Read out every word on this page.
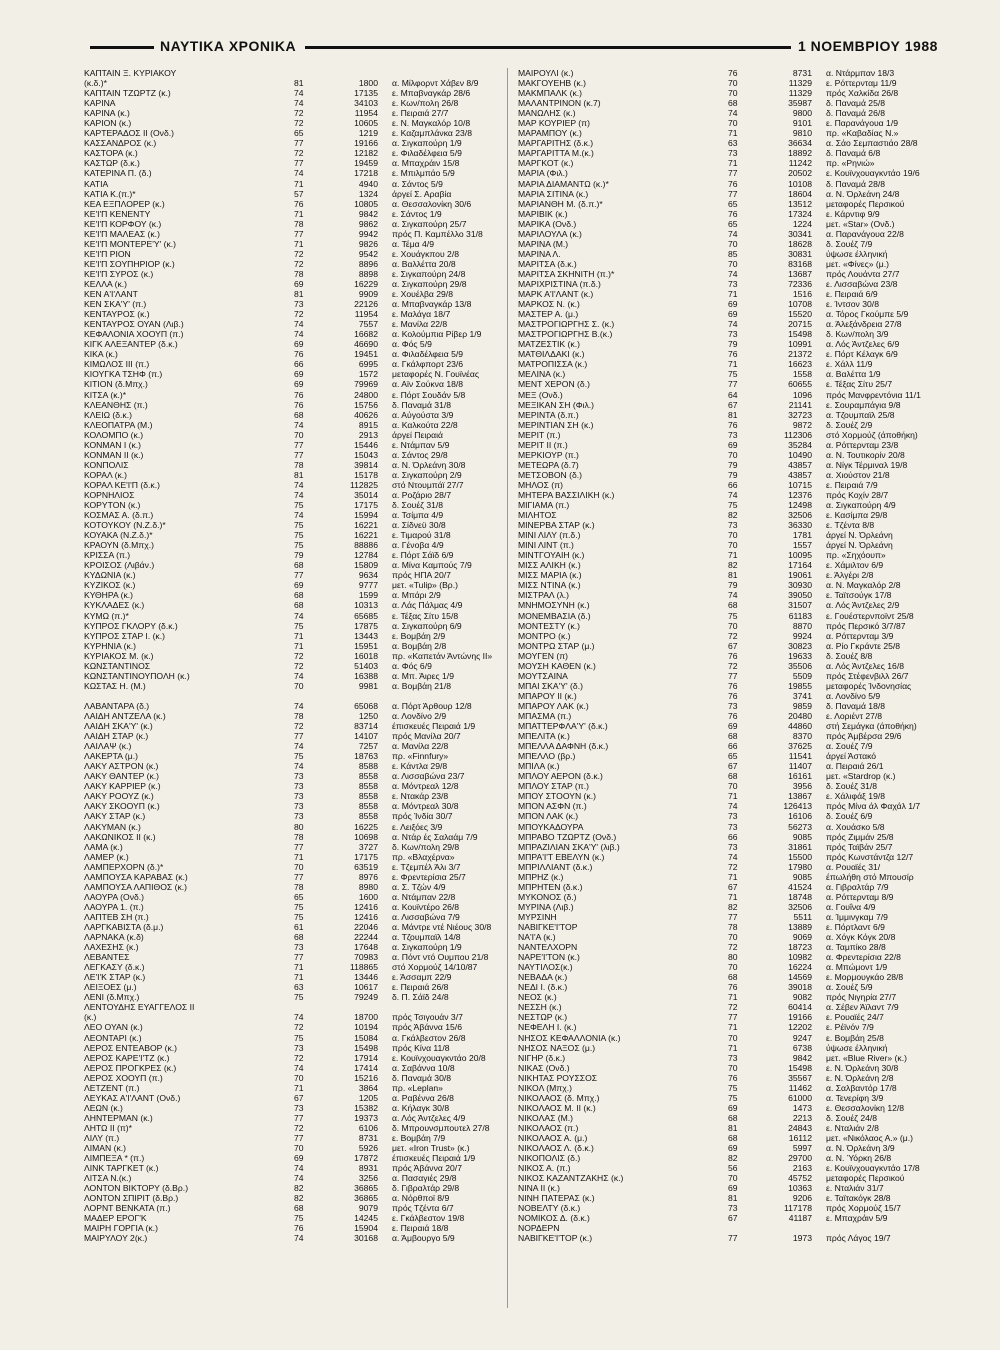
ΝΑΥΤΙΚΑ ΧΡΟΝΙΚΑ	1 ΝΟΕΜΒΡΙΟΥ 1988
ΚΑΠΤΑΙΝ Ξ. ΚΥΡΙΑΚΟΥ
(κ.δ.)*	81	1800	α. Μίλφορντ Χάβεν 8/9
ΚΑΠΤΑΙΝ ΤΖΩΡΤΖ (κ.)	74	17135	ε. Μπαβναγκάρ 28/6
ΚΑΡΙΝΑ	74	34103	ε. Κων/πολη 26/8
ΚΑΡΙΝΑ (κ.)	72	11954	ε. Πειραιά 27/7
ΚΑΡΙΟΝ (κ.)	72	10605	ε. Ν. Μαγκαλόρ 10/8
ΚΑΡΤΕΡΑΔΟΣ ΙΙ (Ονδ.)	65	1219	ε. Καζαμπλάνκα 23/8
ΚΑΣΣΑΝΔΡΟΣ (κ.)	77	19166	α. Σιγκαπούρη 1/9
ΚΑΣΤΟΡΑ (κ.)	72	12182	ε. Φιλαδέλφεια 5/9
ΚΑΣΤΩΡ (δ.κ.)	77	19459	α. Μπαχράιν 15/8
ΚΑΤΕΡΙΝΑ Π. (δ.)	74	17218	ε. Μπιλμπάο 5/9
ΚΑΤΙΑ	71	4940	α. Σάντος 5/9
ΚΑΤΙΑ Κ.(π.)*	57	1324	άργεί Σ. Αραβία
ΚΕΑ ΕΞΠΛΟΡΕΡ (κ.)	76	10805	α. Θεσσαλονίκη 30/6
ΚΕ'Ι'Π ΚΕΝΕΝΤΥ	71	9842	ε. Σάντος 1/9
ΚΕ'Ι'Π ΚΟΡΦΟΥ (κ.)	78	9862	α. Σιγκαπούρη 25/7
ΚΕ'Ι'Π ΜΑΛΕΑΣ (κ.)	77	9942	πρός Π. Καμπέλλο 31/8
ΚΕ'Ι'Π ΜΟΝΤΕΡΕ'Υ' (κ.)	71	9826	α. Τέμα 4/9
ΚΕ'Ι'Π ΡΙΟΝ	72	9542	ε. Χουάγκπου 2/8
ΚΕ'Ι'Π ΣΟΥΠΗΡΙΟΡ (κ.)	72	8896	α. Βαλλέττα 20/8
ΚΕ'Ι'Π ΣΥΡΟΣ (κ.)	78	8898	ε. Σιγκαπούρη 24/8
ΚΕΛΛΑ (κ.)	69	16229	α. Σιγκαπούρη 29/8
ΚΕΝ Α'Ι'ΛΑΝΤ	81	9909	ε. Χουέλβα 29/8
ΚΕΝ ΣΚΑ'Υ' (π.)	73	22126	α. Μπαβναγκάρ 13/8
ΚΕΝΤΑΥΡΟΣ (κ.)	72	11954	ε. Μαλάγα 18/7
ΚΕΝΤΑΥΡΟΣ ΟΥΑΝ (Λιβ.)	74	7557	ε. Μανίλα 22/8
ΚΕΦΑΛΟΝΙΑ ΧΟΟΥΠ (π.)	74	16682	α. Κολούμπια Ρίβερ 1/9
ΚΙΓΚ ΑΛΕΞΑΝΤΕΡ (δ.κ.)	69	46690	α. Φός 5/9
ΚΙΚΑ (κ.)	76	19451	α. Φιλαδέλφεια 5/9
ΚΙΜΩΛΟΣ ΙΙΙ (π.)	66	6995	α. Γκάλφπορτ 23/6
ΚΙΟΥΓΚΑ ΤΣΗΦ (π.)	69	1572	μεταφορές Ν. Γουϊνέας
ΚΙΤΙΟΝ (δ.Μπχ.)	69	79969	α. Αϊν Σούκνα 18/8
ΚΙΤΣΑ (κ.)*	76	24800	ε. Πόρτ Σουδάν 5/8
ΚΛΕΑΝΘΗΣ (π.)	76	15756	δ. Παναμά 31/8
ΚΛΕΙΩ (δ.κ.)	68	40626	α. Αύγούστα 3/9
ΚΛΕΟΠΑΤΡΑ (Μ.)	74	8915	α. Καλκούτα 22/8
ΚΟΛΟΜΠΟ (κ.)	70	2913	άργεί Πειραιά
ΚΟΝΜΑΝ Ι (κ.)	77	15446	ε. Ντάμπαν 5/9
ΚΟΝΜΑΝ ΙΙ (κ.)	77	15043	α. Σάντος 29/8
ΚΟΝΠΟΛΙΣ	78	39814	α. Ν. Όρλεάνη 30/8
ΚΟΡΑΛ (κ.)	81	15178	α. Σιγκαπούρη 2/9
ΚΟΡΑΛ ΚΕ'Ι'Π (δ.κ.)	74	112825	στό Ντουμπάϊ 27/7
ΚΟΡΝΗΛΙΟΣ	74	35014	α. Ροζάριο 28/7
ΚΟΡΥΤΟΝ (κ.)	75	17175	δ. Σουέζ 31/8
ΚΟΣΜΑΣ Α. (δ.π.)	74	15994	α. Τσίμπα 4/9
ΚΟΤΟΥΚΟΥ (Ν.Ζ.δ.)*	75	16221	α. Σίδνεϋ 30/8
ΚΟΥΑΚΑ (Ν.Ζ.δ.)*	75	16221	ε. Τιμαρού 31/8
ΚΡΑΟΥΝ (δ.Μπχ.)	75	88886	α. Γένοβα 4/9
ΚΡΙΣΣΑ (π.)	79	12784	ε. Πόρτ Σάϊδ 6/9
ΚΡΟΙΣΟΣ (Λιβάν.)	68	15809	α. Μίνα Καμπούς 7/9
ΚΥΔΩΝΙΑ (κ.)	77	9634	πρός ΗΠΑ 20/7
ΚΥΖΙΚΟΣ (κ.)	69	9777	μετ. «Tulip» (Βρ.)
ΚΥΘΗΡΑ (κ.)	68	1599	α. Μπάρι 2/9
ΚΥΚΛΑΔΕΣ (κ.)	68	10313	α. Λάς Πάλμας 4/9
ΚΥΜΩ (π.)*	74	65685	ε. Τέξας Σίτυ 15/8
ΚΥΠΡΟΣ ΓΚΛΟΡΥ (δ.κ.)	75	17875	α. Σιγκαπούρη 6/9
ΚΥΠΡΟΣ ΣΤΑΡ Ι. (κ.)	71	13443	ε. Βομβάη 2/9
ΚΥΡΗΝΙΑ (κ.)	71	15951	α. Βομβάη 2/8
ΚΥΡΙΑΚΟΣ Μ. (κ.)	72	16018	πρ. «Καπετάν Άντώνης ΙΙ»
ΚΩΝΣΤΑΝΤΙΝΟΣ	72	51403	α. Φός 6/9
ΚΩΝΣΤΑΝΤΙΝΟΥΠΟΛΗ (κ.)	74	16388	α. Μπ. Άιρες 1/9
ΚΩΣΤΑΣ Η. (Μ.)	70	9981	α. Βομβάη 21/8
ΛΑΒΑΝΤΑΡΑ (δ.)	74	65068	α. Πόρτ Άρθουρ 12/8
ΛΑΙΔΗ ΑΝΤΖΕΛΑ (κ.)	78	1250	α. Λονδίνο 2/9
ΛΑΙΔΗ ΣΚΑ'Υ' (κ.)	72	83714	έπισκευές Πειραιά 1/9
ΛΑΙΔΗ ΣΤΑΡ (κ.)	77	14107	πρός Μανίλα 20/7
ΛΑΙΛΑΨ (κ.)	74	7257	α. Μανίλα 22/8
ΛΑΚΕΡΤΑ (μ.)	75	18763	πρ. «Finnfury»
ΛΑΚΥ ΑΣΤΡΟΝ (κ.)	74	8588	ε. Κάντλα 29/8
ΛΑΚΥ ΘΑΝΤΕΡ (κ.)	73	8558	α. Λισσαβώνα 23/7
ΛΑΚΥ ΚΑΡΡΙΕΡ (κ.)	73	8558	α. Μόντρεαλ 12/8
ΛΑΚΥ ΡΟΟΥΖ (κ.)	73	8558	ε. Ντακάρ 23/8
ΛΑΚΥ ΣΚΟΟΥΠ (κ.)	73	8558	α. Μόντρεαλ 30/8
ΛΑΚΥ ΣΤΑΡ (κ.)	73	8558	πρός Ίνδία 30/7
ΛΑΚΥΜΑΝ (κ.)	80	16225	ε. Λειξόες 3/9
ΛΑΚΩΝΙΚΟΣ ΙΙ (κ.)	78	10698	α. Ντάρ ές Σαλαάμ 7/9
ΛΑΜΑ (κ.)	77	3727	δ. Κων/πολη 29/8
ΛΑΜΕΡ (κ.)	71	17175	πρ. «Βλαχέρνα»
ΛΑΜΠΕΡΧΟΡΝ (δ.)*	70	63519	ε. Τζεμπέλ Άλι 3/7
ΛΑΜΠΟΥΣΑ ΚΑΡΑΒΑΣ (κ.)	77	8976	ε. Φρεντερίσια 25/7
ΛΑΜΠΟΥΣΑ ΛΑΠΙΘΟΣ (κ.)	78	8980	α. Σ. Τζών 4/9
ΛΑΟΥΡΑ (Ονδ.)	65	1600	α. Ντάμπαν 22/8
ΛΑΟΥΡΑ 1. (π.)	75	12416	α. Κουϊντέρο 26/8
ΛΑΠΤΕΒ ΣΗ (π.)	75	12416	α. Λισσαβώνα 7/9
ΛΑΡΓΚΑΒΙΣΤΑ (δ.μ.)	61	22046	α. Μάντρε ντέ Νιέους 30/8
ΛΑΡΝΑΚΑ (κ.δ)	68	22244	α. Τζουμπαϊλ 14/8
ΛΑΧΕΣΗΣ (κ.)	73	17648	α. Σιγκαπούρη 1/9
ΛΕΒΑΝΤΕΣ	77	70983	α. Πόντ ντό Ουμπου 21/8
ΛΕΓΚΑΣΥ (δ.κ.)	71	118865	στό Χορμούζ 14/10/87
ΛΕ'Ι'Κ ΣΤΑΡ (κ.)	71	13446	ε. Άσσαμπ 22/9
ΛΕΙΞΟΕΣ (μ.)	63	10617	ε. Πειραιά 26/8
ΛΕΝΙ (δ.Μπχ.)	75	79249	δ. Π. Σάϊδ 24/8
ΛΕΝΤΟΥΔΗΣ ΕΥΑΓΓΕΛΟΣ ΙΙ
(κ.)	74	18700	πρός Τσιγουάν 3/7
ΛΕΟ ΟΥΑΝ (κ.)	72	10194	πρός Άβάννα 15/6
ΛΕΟΝΤΑΡΙ (κ.)	75	15084	α. Γκάλβεστον 26/8
ΛΕΡΟΣ ΕΝΤΕΑΒΟΡ (κ.)	73	15498	πρός Κίνα 11/8
ΛΕΡΟΣ ΚΑΡΕ'Ι'ΤΖ (κ.)	72	17914	ε. Κουϊνχουαγκντάο 20/8
ΛΕΡΟΣ ΠΡΟΓΚΡΕΣ (κ.)	74	17414	α. Σαβάννα 10/8
ΛΕΡΟΣ ΧΟΟΥΠ (π.)	70	15216	δ. Παναμά 30/8
ΛΕΤΖΕΝΤ (π.)	71	3864	πρ. «Leplan»
ΛΕΥΚΑΣ Α'Ι'ΛΑΝΤ (Ονδ.)	67	1205	α. Ραβέννα 26/8
ΛΕΩΝ (κ.)	73	15382	α. Κήλαγκ 30/8
ΛΗΝΤΕΡΜΑΝ (κ.)	77	19373	α. Λός Άντζελες 4/9
ΛΗΤΩ ΙΙ (π)*	72	6106	δ. Μπρουνσμπουτελ 27/8
ΛΙΛΥ (π.)	77	8731	ε. Βομβάη 7/9
ΛΙΜΑΝ (κ.)	70	5926	μετ. «Iron Trust» (κ.)
ΛΙΜΠΕΞΑ * (π.)	69	17872	έπισκευές Πειραιά 1/9
ΛΙΝΚ ΤΑΡΓΚΕΤ (κ.)	74	8931	πρός Άβάννα 20/7
ΛΙΤΣΑ Ν.(κ.)	74	3256	α. Πασαγιές 29/8
ΛΟΝΤΟΝ ΒΙΚΤΟΡΥ (δ.Βρ.)	82	36865	δ. Γιβραλτάρ 29/8
ΛΟΝΤΟΝ ΣΠΙΡΙΤ (δ.Βρ.)	82	36865	α. Νόρθποϊ 8/9
ΛΟΡΝΤ ΒΕΝΚΑΤΑ (π.)	68	9079	πρός Τζέντα 6/7
ΜΑΔΕΡ ΕΡΟΓ'Κ	75	14245	ε. Γκάλβεστον 19/8
ΜΑΙΡΗ ΓΟΡΓΙΑ (κ.)	76	15904	ε. Πειραιά 18/8
ΜΑΙΡΥΛΟΥ 2(κ.)	74	30168	α. Άμβουργο 5/9
ΜΑΙΡΟΥΛΙ (κ.)	76	8731	α. Ντάρμπαν 18/3
ΜΑΚΓΟΥΕΗΒ (κ.)	70	11329	ε. Ρόττερνταμ 11/9
ΜΑΚΜΠΑΛΚ (κ.)	70	11329	πρός Χαλκίδα 26/8
ΜΑΛΑΝΤΡΙΝΟΝ (κ.7)	68	35987	δ. Παναμά 25/8
ΜΑΝΩΛΗΣ (κ.)	74	9800	δ. Παναμά 26/8
ΜΑΡ ΚΟΥΡΙΕΡ (π)	70	9101	ε. Παρανάγουα 1/9
ΜΑΡΑΜΠΟΥ (κ.)	71	9810	πρ. «Καβαδίας Ν.»
ΜΑΡΓΑΡΙΤΗΣ (δ.κ.)	63	36634	α. Σάο Σεμπαστιάο 28/8
ΜΑΡΓΑΡΙΤΤΑ Μ.(κ.)	73	18892	δ. Παναμά 6/8
ΜΑΡΓΚΟΤ (κ.)	71	11242	πρ. «Ρηνιώ»
ΜΑΡΙΑ (Φιλ.)	77	20502	ε. Κουϊνχουαγκντάο 19/6
ΜΑΡΙΑ ΔΙΑΜΑΝΤΩ (κ.)*	76	10108	δ. Παναμά 28/8
ΜΑΡΙΑ ΣΙΤΙΝΑ (κ.)	77	18604	α. Ν. Όρλεάνη 24/8
ΜΑΡΙΑΝΘΗ Μ. (δ.π.)*	65	13512	μεταφορές Περσικού
ΜΑΡΙΒΙΚ (κ.)	76	17324	ε. Κάρντιφ 9/9
ΜΑΡΙΚΑ (Ονδ.)	65	1224	μετ. «Star» (Ονδ.)
ΜΑΡΙΛΟΥΛΑ (κ.)	74	30341	α. Παρανάγουα 22/8
ΜΑΡΙΝΑ (Μ.)	70	18628	δ. Σουέζ 7/9
ΜΑΡΙΝΑ Λ.	85	30831	ύψωσε έλληνική
ΜΑΡΙΤΣΑ (δ.κ.)	70	83168	μετ. «Φίνες» (μ.)
ΜΑΡΙΤΣΑ ΣΚΗΝΙΤΗ (π.)*	74	13687	πρός Λουάντα 27/7
ΜΑΡΙΧΡΙΣΤΙΝΑ (π.δ.)	73	72336	ε. Λισσαβώνα 23/8
ΜΑΡΚ Α'Ι'ΛΑΝΤ (κ.)	71	1516	ε. Πειραιά 6/9
ΜΑΡΚΟΣ Ν. (κ.)	69	10708	ε. Ίντσον 30/8
ΜΑΣΤΕΡ Α. (μ.)	69	15520	α. Τόρος Γκούμπε 5/9
ΜΑΣΤΡΟΓΙΩΡΓΗΣ Σ. (κ.)	74	20715	α. Άλεξάνδρεια 27/8
ΜΑΣΤΡΟΓΙΩΡΓΗΣ Β.(κ.)	73	15498	δ. Κων/πολη 3/9
ΜΑΤΖΕΣΤΙΚ (κ.)	79	10991	α. Λός Άντζελες 6/9
ΜΑΤΘΙΛΔΑΚΙ (κ.)	76	21372	ε. Πόρτ Κέλαγκ 6/9
ΜΑΤΡΟΠΙΣΣΑ (κ.)	71	16623	ε. Χάλλ 11/9
ΜΕΛΙΝΑ (κ.)	75	1558	α. Βαλέττα 1/9
ΜΕΝΤ ΧΕΡΟΝ (δ.)	77	60655	ε. Τέξας Σίτυ 25/7
ΜΕΞ (Ονδ.)	64	1096	πρός Μανφρεντόνια 11/1
ΜΕΞΙΚΑΝ ΣΗ (Φιλ.)	67	21141	ε. Σουραμπάγια 9/8
ΜΕΡΙΝΤΑ (δ.π.)	81	32723	α. Τζουμπαϊλ 25/8
ΜΕΡΙΝΤΙΑΝ ΣΗ (κ.)	76	9872	δ. Σουέζ 2/9
ΜΕΡΙΤ (π.)	73	112306	στό Χορμούζ (άποθήκη)
ΜΕΡΙΤ ΙΙ (π.)	69	35284	α. Ρόττερνταμ 23/8
ΜΕΡΚΙΟΥΡ (π.)	70	10490	α. Ν. Τουτικορίν 20/8
ΜΕΤΕΩΡΑ (δ.7)	79	43857	α. Νίγκ Τέρμιναλ 19/8
ΜΕΤΣΟΒΟΝ (δ.)	79	43857	α. Χιούστον 21/8
ΜΗΛΟΣ (π)	66	10715	ε. Πειραιά 7/9
ΜΗΤΕΡΑ ΒΑΣΣΙΛΙΚΗ (κ.)	74	12376	πρός Κοχίν 28/7
ΜΙΓΙΑΜΑ (π.)	75	12498	α. Σιγκαπούρη 4/9
ΜΙΛΗΤΟΣ	82	32506	ε. Κασίμπα 29/8
ΜΙΝΕΡΒΑ ΣΤΑΡ (κ.)	73	36330	ε. Τζέντα 8/8
ΜΙΝΙ ΛΙΛΥ (π.δ.)	70	1781	άργεί Ν. Όρλεάνη
ΜΙΝΙ ΛΙΝΤ (π.)	70	1557	άργεί Ν. Όρλεάνη
ΜΙΝΤΓΟΥΑΙΗ (κ.)	71	10095	πρ. «Σηχόουπ»
ΜΙΣΣ ΑΛΙΚΗ (κ.)	82	17164	ε. Χάμιλτον 6/9
ΜΙΣΣ ΜΑΡΙΑ (κ.)	81	19061	ε. Άλγέρι 2/8
ΜΙΣΣ ΝΤΙΝΑ (κ.)	79	30930	α. Ν. Μαγκαλόρ 2/8
ΜΙΣΤΡΑΛ (λ.)	74	39050	ε. Ταϊτσούγκ 17/8
ΜΝΗΜΟΣΥΝΗ (κ.)	68	31507	α. Λός Άντζελες 2/9
ΜΟΝΕΜΒΑΣΙΑ (δ.)	75	61183	ε. Γουέστερνποϊντ 25/8
ΜΟΝΤΕΣΤΥ (κ.)	70	8870	πρός Περσικό 3/7/87
ΜΟΝΤΡΟ (κ.)	72	9924	α. Ρόττερνταμ 3/9
ΜΟΝΤΡΩ ΣΤΑΡ (μ.)	67	30823	α. Ρίο Γκράντε 25/8
ΜΟΥΓΕΝ (π)	76	19633	δ. Σουέζ 8/8
ΜΟΥΣΗ ΚΑΘΕΝ (κ.)	72	35506	α. Λός Άντζελες 16/8
ΜΟΥΤΣΑΙΝΑ	77	5509	πρός Στέφενβιλλ 26/7
ΜΠΑΙ ΣΚΑ'Υ' (δ.)	76	19855	μεταφορές Ίνδονησίας
ΜΠΑΡΟΥ ΙΙ (κ.)	76	3741	α. Λονδίνο 5/9
ΜΠΑΡΟΥ ΛΑΚ (κ.)	73	9859	δ. Παναμά 18/8
ΜΠΑΣΜΑ (π.)	76	20480	ε. Λοριέντ 27/8
ΜΠΑΤΤΕΡΦΛΑ'Υ' (δ.κ.)	69	44860	στή Σεμάγκα (άποθήκη)
ΜΠΕΛΙΤΑ (κ.)	68	8370	πρός Άμβέρσα 29/6
ΜΠΕΛΛΑ ΔΑΦΝΗ (δ.κ.)	66	37625	α. Σουέζ 7/9
ΜΠΕΛΛΟ (βρ.)	65	11541	άργεί Άστακό
ΜΠΙΛΑ (κ.)	67	11407	α. Πειραιά 26/1
ΜΠΛΟΥ ΑΕΡΟΝ (δ.κ.)	68	16161	μετ. «Stardrop (κ.)
ΜΠΛΟΥ ΣΤΑΡ (π.)	70	3956	δ. Σουέζ 31/8
ΜΠΟΥ ΣΤΟΟΥΝ (κ.)	71	13867	ε. Χάλιφάξ 19/8
ΜΠΟΝ ΑΣΦΝ (π.)	74	126413	πρός Μίνα άλ Φαχάλ 1/7
ΜΠΟΝ ΛΑΚ (κ.)	73	16106	δ. Σουέζ 6/9
ΜΠΟΥΚΑΔΟΥΡΑ	73	56273	α. Χουάσκο 5/8
ΜΠΡΑΒΟ ΤΖΩΡΤΖ (Ονδ.)	66	9085	πρός Ζιμμάν 25/8
ΜΠΡΑΖΙΛΙΑΝ ΣΚΑ'Υ' (λιβ.)	73	31861	πρός Ταϊβάν 25/7
ΜΠΡΑ'Ι'Τ ΕΒΕΛΥΝ (κ.)	74	15500	πρός Κωνστάντζα 12/7
ΜΠΡΙΛΛΙΑΝΤ (δ.κ.)	72	17980	α. Ρουαϊές 31/
ΜΠΡΗΖ (κ.)	71	9085	έπωλήθη στό Μπουσίρ
ΜΠΡΗΤΕΝ (δ.κ.)	67	41524	α. Γιβραλτάρ 7/9
ΜΥΚΟΝΟΣ (δ.)	71	18748	α. Ρόττερνταμ 8/9
ΜΥΡΙΝΑ (Λιβ.)	82	32506	α. Γουΐνα 4/9
ΜΥΡΣΙΝΗ	77	5511	α. Ίμμινγκαμ 7/9
ΝΑΒΙΓΚΕ'Ι'ΤΟΡ	78	13889	ε. Πόρτλαντ 6/9
ΝΑ'Ι'Α (κ.)	70	9069	α. Χόγκ Κόγκ 20/8
ΝΑΝΤΕΛΧΟΡΝ	72	18723	α. Ταμπίκο 28/8
ΝΑΡΕ'Ι'ΤΟΝ (κ.)	80	10982	α. Φρεντερίσια 22/8
ΝΑΥΤΙΛΟΣ(κ.)	70	16224	α. Μπώμοντ 1/9
ΝΕΒΑΔΑ (κ.)	68	14569	ε. Μορμουγκάο 28/8
ΝΕΔΙ Ι. (δ.κ.)	76	39018	α. Σουέζ 5/9
ΝΕΟΣ (κ.)	71	9082	πρός Νιγηρία 27/7
ΝΕΣΣΗ (κ.)	72	60414	α. Σέβεν Άϊλαντ 7/9
ΝΕΣΤΩΡ (κ.)	77	19166	ε. Ρουαϊές 24/7
ΝΕΦΕΛΗ Ι. (κ.)	71	12202	ε. Ρέϊνόν 7/9
ΝΗΣΟΣ ΚΕΦΑΛΛΟΝΙΑ (κ.)	70	9247	ε. Βομβάη 25/8
ΝΗΣΟΣ ΝΑΞΟΣ (μ.)	71	6738	ύψωσε έλληνική
ΝΙΓΗΡ (δ.κ.)	73	9842	μετ. «Blue River» (κ.)
ΝΙΚΑΣ (Ονδ.)	70	15498	ε. Ν. Όρλεάνη 30/8
ΝΙΚΗΤΑΣ ΡΟΥΣΣΟΣ	76	35567	ε. Ν. Όρλεάνη 2/8
ΝΙΚΟΛ (Μπχ.)	75	11462	α. Σαλβαντόρ 17/8
ΝΙΚΟΛΑΟΣ (δ. Μπχ.)	75	61000	α. Τενερίφη 3/9
ΝΙΚΟΛΑΟΣ Μ. ΙΙ (κ.)	69	1473	ε. Θεσσαλονίκη 12/8
ΝΙΚΟΛΑΣ (Μ.)	68	2213	δ. Σουέζ 24/8
ΝΙΚΟΛΑΟΣ (π.)	81	24843	ε. Νταλιάν 2/8
ΝΙΚΟΛΑΟΣ Α. (μ.)	68	16112	μετ. «Νικόλαος Α.» (μ.)
ΝΙΚΟΛΑΟΣ Λ. (δ.κ.)	69	5997	α. Ν. Όρλεάνη 3/9
ΝΙΚΟΠΟΛΙΣ (δ.)	82	29700	α. Ν. Ύόρκη 26/8
ΝΙΚΟΣ Α. (π.)	56	2163	ε. Κουϊνχουαγκντάο 17/8
ΝΙΚΟΣ ΚΑΖΑΝΤΖΑΚΗΣ (κ.)	70	45752	μεταφορές Περσικού
ΝΙΝΑ ΙΙ (κ.)	69	10363	ε. Νταλιάν 31/7
ΝΙΝΗ ΠΑΤΕΡΑΣ (κ.)	81	9206	ε. Ταϊτακόγκ 28/8
ΝΟΒΕΛΤΥ (δ.κ.)	73	117178	πρός Χορμούζ 15/7
ΝΟΜΙΚΟΣ Δ. (δ.κ.)	67	41187	ε. Μπαχράιν 5/9
ΝΟΡΔΕΡΝ
ΝΑΒΙΓΚΕ'Ι'ΤΟΡ (κ.)	77	1973	πρός Λάγος 19/7
